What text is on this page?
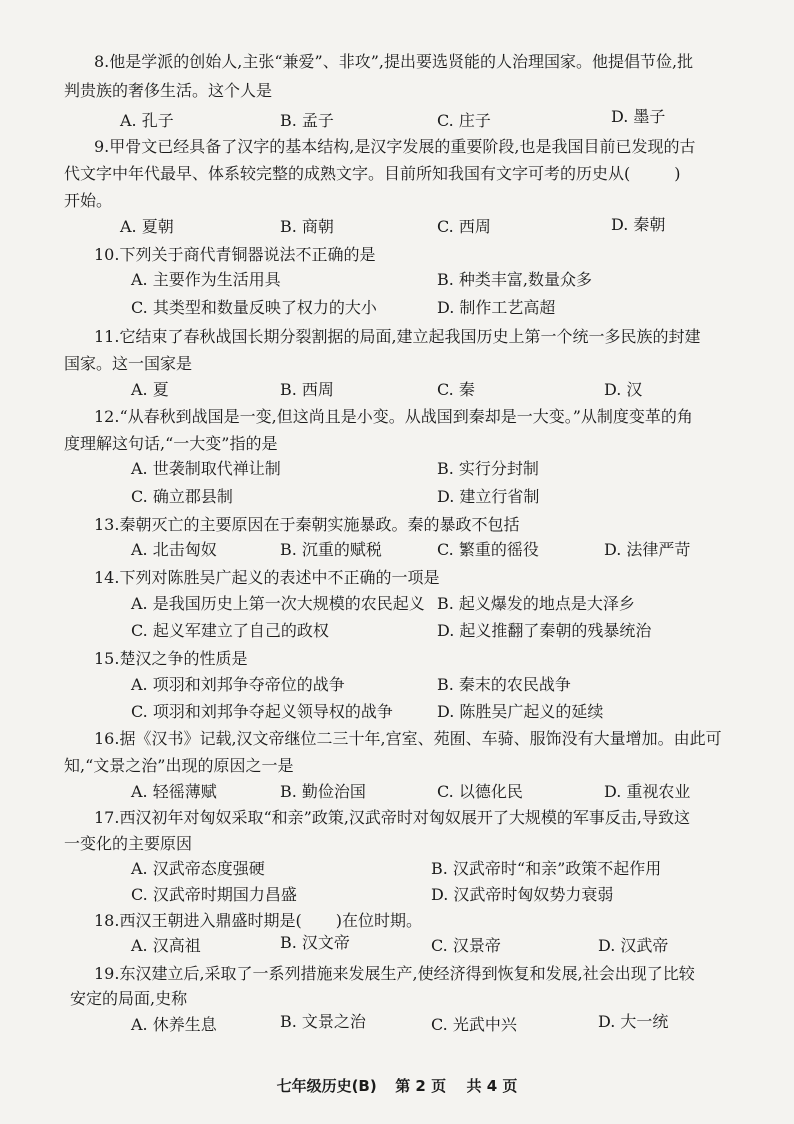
8.他是学派的创始人,主张“兼爱”、非攻”,提出要选贤能的人治理国家。他提倡节俭,批
判贵族的奢侈生活。这个人是
A. 孔子	B. 孟子	C. 庄子	D. 墨子
9.甲骨文已经具备了汉字的基本结构,是汉字发展的重要阶段,也是我国目前已发现的古
代文字中年代最早、体系较完整的成熟文字。目前所知我国有文字可考的历史从(	)
开始。
A. 夏朝	B. 商朝	C. 西周	D. 秦朝
10.下列关于商代青铜器说法不正确的是
A. 主要作为生活用具	B. 种类丰富,数量众多
C. 其类型和数量反映了权力的大小	D. 制作工艺高超
11.它结束了春秋战国长期分裂割据的局面,建立起我国历史上第一个统一多民族的封建
国家。这一国家是
A. 夏	B. 西周	C. 秦	D. 汉
12.“从春秋到战国是一变,但这尚且是小变。从战国到秦却是一大变。”从制度变革的角
度理解这句话,“一大变”指的是
A. 世袭制取代禅让制	B. 实行分封制
C. 确立郡县制	D. 建立行省制
13.秦朝灭亡的主要原因在于秦朝实施暴政。秦的暴政不包括
A. 北击匈奴	B. 沉重的赋税	C. 繁重的徭役	D. 法律严苛
14.下列对陈胜吴广起义的表述中不正确的一项是
A. 是我国历史上第一次大规模的农民起义 B. 起义爆发的地点是大泽乡
C. 起义军建立了自己的政权	D. 起义推翻了秦朝的残暴统治
15.楚汉之争的性质是
A. 项羽和刘邦争夺帝位的战争	B. 秦末的农民战争
C. 项羽和刘邦争夺起义领导权的战争	D. 陈胜吴广起义的延续
16.据《汉书》记载,汉文帝继位二三十年,宫室、苑囿、车骑、服饰没有大量增加。由此可
知,“文景之治”出现的原因之一是
A. 轻徭薄赋	B. 勤俭治国	C. 以德化民	D. 重视农业
17.西汉初年对匈奴采取“和亲”政策,汉武帝时对匈奴展开了大规模的军事反击,导致这
一变化的主要原因
A. 汉武帝态度强硬	B. 汉武帝时“和亲”政策不起作用
C. 汉武帝时期国力昌盛	D. 汉武帝时匈奴势力衰弱
18.西汉王朝进入鼎盛时期是( )在位时期。
A. 汉高祖	B. 汉文帝	C. 汉景帝	D. 汉武帝
19.东汉建立后,采取了一系列措施来发展生产,使经济得到恢复和发展,社会出现了比较
安定的局面,史称
A. 休养生息	B. 文景之治	C. 光武中兴	D. 大一统
七年级历史(B) 第 2 页 共 4 页
